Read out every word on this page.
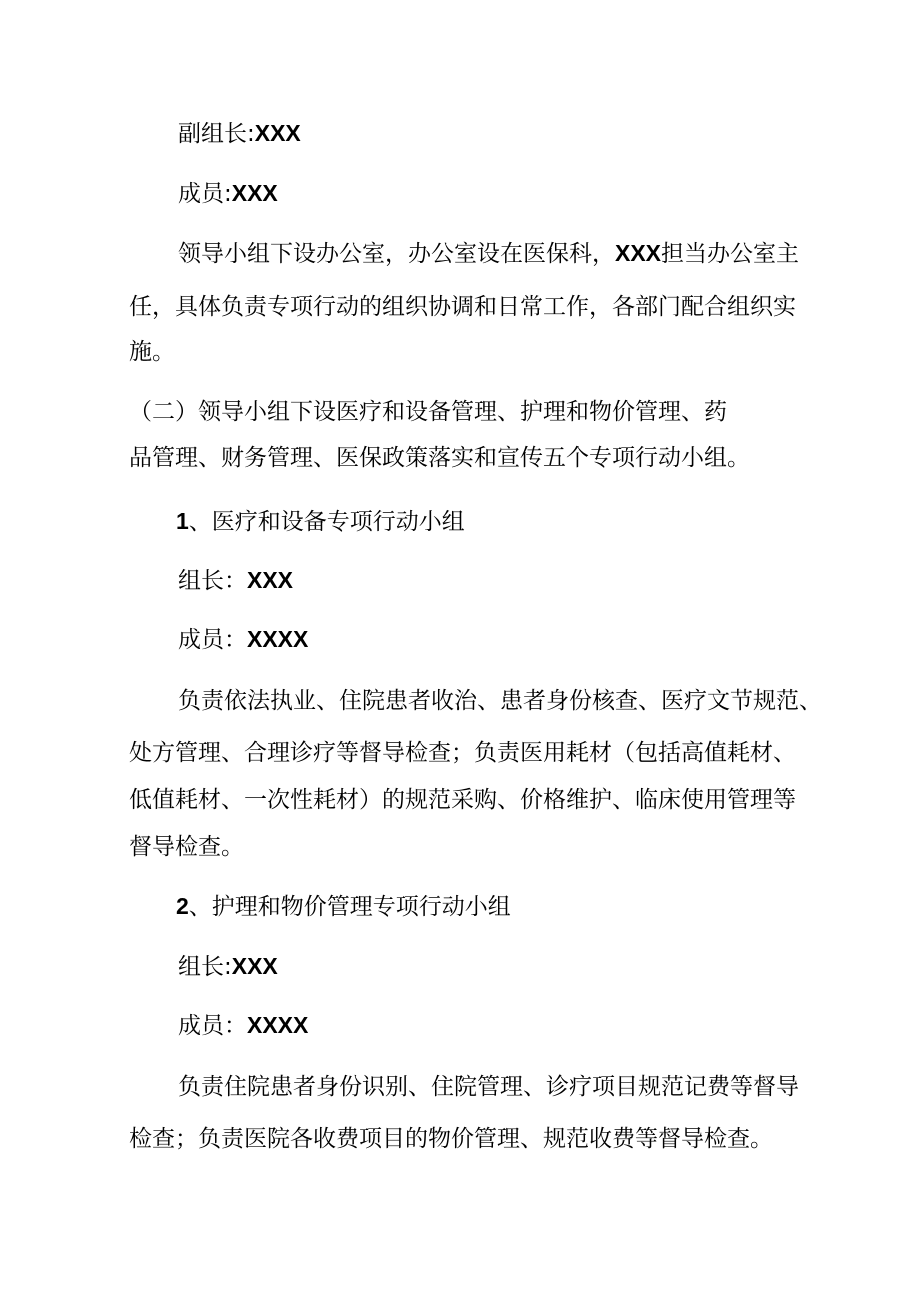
副组长:XXX
成员:XXX
领导小组下设办公室，办公室设在医保科，XXX担当办公室主
任，具体负责专项行动的组织协调和日常工作，各部门配合组织实
施。
（二）领导小组下设医疗和设备管理、护理和物价管理、药
品管理、财务管理、医保政策落实和宣传五个专项行动小组。
1、医疗和设备专项行动小组
组长：XXX
成员：XXXX
负责依法执业、住院患者收治、患者身份核查、医疗文节规范、
处方管理、合理诊疗等督导检查；负责医用耗材（包括高值耗材、
低值耗材、一次性耗材）的规范采购、价格维护、临床使用管理等
督导检查。
2、护理和物价管理专项行动小组
组长:XXX
成员：XXXX
负责住院患者身份识别、住院管理、诊疗项目规范记费等督导
检查；负责医院各收费项目的物价管理、规范收费等督导检查。
